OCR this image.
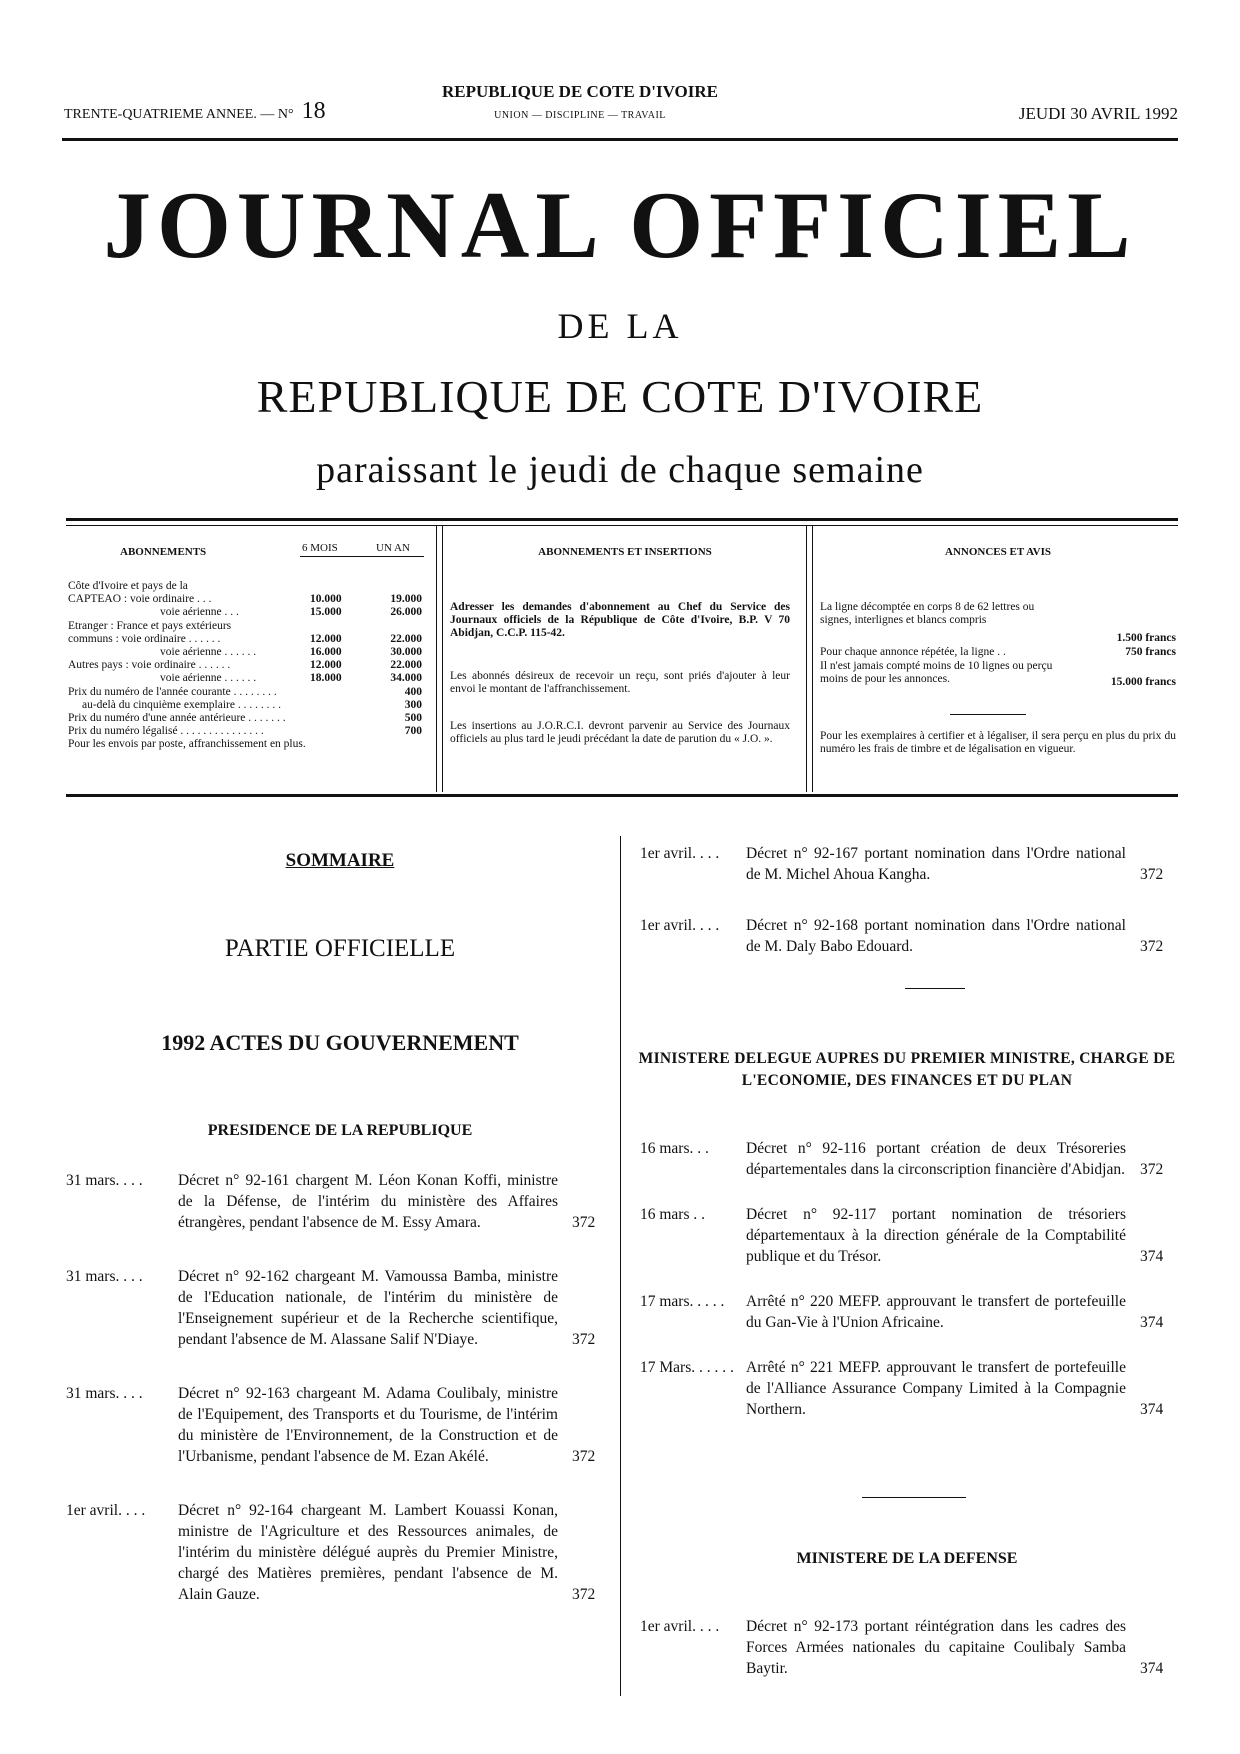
TRENTE-QUATRIEME ANNEE. — N° 18
REPUBLIQUE DE COTE D'IVOIRE
UNION — DISCIPLINE — TRAVAIL	JEUDI 30 AVRIL 1992
JOURNAL OFFICIEL
DE LA
REPUBLIQUE DE COTE D'IVOIRE
paraissant le jeudi de chaque semaine
ABONNEMENTS	6 MOIS	UN AN
Côte d'Ivoire et pays de la
CAPTEAO : voie ordinaire . . .	10.000	19.000
voie aérienne . . .	15.000	26.000
Etranger : France et pays extérieurs
communs : voie ordinaire . . . . . .	12.000	22.000
voie aérienne . . . . . .	16.000	30.000
Autres pays : voie ordinaire . . . . . .	12.000	22.000
voie aérienne . . . . . .	18.000	34.000
Prix du numéro de l'année courante . . . . . . . .	400
au-delà du cinquième exemplaire . . . . . . . .	300
Prix du numéro d'une année antérieure . . . . . . .	500
Prix du numéro légalisé . . . . . . . . . . . . . . .	700
Pour les envois par poste, affranchissement en plus.
ABONNEMENTS ET INSERTIONS
Adresser les demandes d'abonnement au Chef du Service des Journaux officiels de la République de Côte d'Ivoire, B.P. V 70 Abidjan, C.C.P. 115-42.
Les abonnés désireux de recevoir un reçu, sont priés d'ajouter à leur envoi le montant de l'affranchissement.
Les insertions au J.O.R.C.I. devront parvenir au Service des Journaux officiels au plus tard le jeudi précédant la date de parution du « J.O. ».
ANNONCES ET AVIS
La ligne décomptée en corps 8 de 62 lettres ou signes, interlignes et blancs compris
1.500 francs
Pour chaque annonce répétée, la ligne . .	750 francs
Il n'est jamais compté moins de 10 lignes ou perçu moins de pour les annonces.	15.000 francs
Pour les exemplaires à certifier et à légaliser, il sera perçu en plus du prix du numéro les frais de timbre et de légalisation en vigueur.
SOMMAIRE
PARTIE OFFICIELLE
1992 ACTES DU GOUVERNEMENT
PRESIDENCE DE LA REPUBLIQUE
31 mars. . . . Décret n° 92-161 chargent M. Léon Konan Koffi, ministre de la Défense, de l'intérim du ministère des Affaires étrangères, pendant l'absence de M. Essy Amara.	372
31 mars. . . . Décret n° 92-162 chargeant M. Vamoussa Bamba, ministre de l'Education nationale, de l'intérim du ministère de l'Enseignement supérieur et de la Recherche scientifique, pendant l'absence de M. Alassane Salif N'Diaye.	372
31 mars. . . . Décret n° 92-163 chargeant M. Adama Coulibaly, ministre de l'Equipement, des Transports et du Tourisme, de l'intérim du ministère de l'Environnement, de la Construction et de l'Urbanisme, pendant l'absence de M. Ezan Akélé.	372
1er avril. . . . Décret n° 92-164 chargeant M. Lambert Kouassi Konan, ministre de l'Agriculture et des Ressources animales, de l'intérim du ministère délégué auprès du Premier Ministre, chargé des Matières premières, pendant l'absence de M. Alain Gauze.	372
1er avril. . . . Décret n° 92-167 portant nomination dans l'Ordre national de M. Michel Ahoua Kangha.	372
1er avril. . . . Décret n° 92-168 portant nomination dans l'Ordre national de M. Daly Babo Edouard.	372
MINISTERE DELEGUE AUPRES DU PREMIER MINISTRE, CHARGE DE L'ECONOMIE, DES FINANCES ET DU PLAN
16 mars. . . Décret n° 92-116 portant création de deux Trésoreries départementales dans la circonscription financière d'Abidjan. 372
16 mars . .	Décret n° 92-117 portant nomination de trésoriers départementaux à la direction générale de la Comptabilité publique et du Trésor.	374
17 mars. . . . . Arrêté n° 220 MEFP. approuvant le transfert de portefeuille du Gan-Vie à l'Union Africaine.	374
17 Mars. . . . . . Arrêté n° 221 MEFP. approuvant le transfert de portefeuille de l'Alliance Assurance Company Limited à la Compagnie Northern.	374
MINISTERE DE LA DEFENSE
1er avril. . . . Décret n° 92-173 portant réintégration dans les cadres des Forces Armées nationales du capitaine Coulibaly Samba Baytir.	374
